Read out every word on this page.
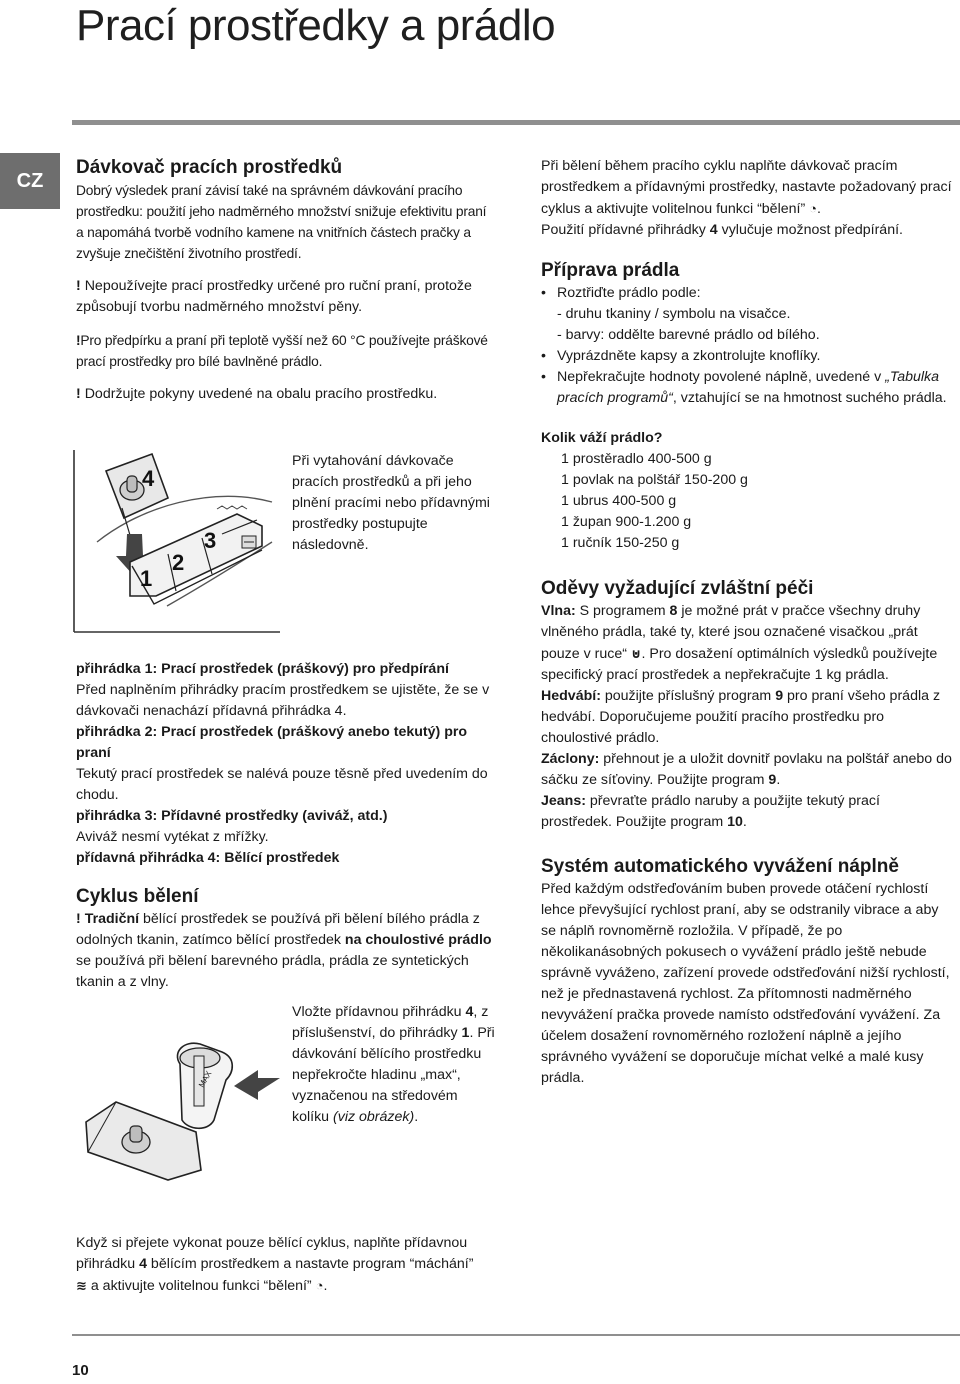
Prací prostředky a prádlo
CZ

Dávkovač pracích prostředků

Dobrý výsledek praní závisí také na správném dávkování pracího prostředku: použití jeho nadměrného množství snižuje efektivitu praní a napomáhá tvorbě vodního kamene na vnitřních částech pračky a zvyšuje znečištění životního prostředí.

! Nepoužívejte prací prostředky určené pro ruční praní, protože způsobují tvorbu nadměrného množství pěny.

!Pro předpírku a praní při teplotě vyšší než 60 °C používejte práškové prací prostředky pro bílé bavlněné prádlo.

! Dodržujte pokyny uvedené na obalu pracího prostředku.

4
1
2
3

Při vytahování dávkovače pracích prostředků a při jeho plnění pracími nebo přídavnými prostředky postupujte následovně.

přihrádka 1: Prací prostředek (práškový) pro předpírání

Před naplněním přihrádky pracím prostředkem se ujistěte, že se v dávkovači nenachází přídavná přihrádka 4.

přihrádka 2: Prací prostředek (práškový anebo tekutý) pro praní

Tekutý prací prostředek se nalévá pouze těsně před uvedením do chodu.

přihrádka 3: Přídavné prostředky (aviváž, atd.)

Aviváž nesmí vytékat z mřížky.

přídavná přihrádka 4: Bělící prostředek

Cyklus bělení

! Tradiční bělící prostředek se používá při bělení bílého prádla z odolných tkanin, zatímco bělící prostředek na choulostivé prádlo se používá při bělení barevného prádla, prádla ze syntetických tkanin a z vlny.

MAX

Vložte přídavnou přihrádku 4, z příslušenství, do přihrádky 1. Při dávkování bělícího prostředku nepřekročte hladinu „max“, vyznačenou na středovém kolíku (viz obrázek).

Když si přejete vykonat pouze bělící cyklus, naplňte přídavnou přihrádku 4 bělícím prostředkem a nastavte program “máchání” ≋ a aktivujte volitelnou funkci “bělení” ◔.

Při bělení během pracího cyklu naplňte dávkovač pracím prostředkem a přídavnými prostředky, nastavte požadovaný prací cyklus a aktivujte volitelnou funkci “bělení” ◔.

Použití přídavné přihrádky 4 vylučuje možnost předpírání.

Příprava prádla

• Roztřiďte prádlo podle:
- druhu tkaniny / symbolu na visačce.
- barvy: oddělte barevné prádlo od bílého.
• Vyprázdněte kapsy a zkontrolujte knoflíky.
• Nepřekračujte hodnoty povolené náplně, uvedené v „Tabulka pracích programů“, vztahující se na hmotnost suchého prádla.

Kolik váží prádlo?

1 prostěradlo 400-500 g

1 povlak na polštář 150-200 g

1 ubrus 400-500 g

1 župan 900-1.200 g

1 ručník 150-250 g

Oděvy vyžadující zvláštní péči

Vlna: S programem 8 je možné prát v pračce všechny druhy vlněného prádla, také ty, které jsou označené visačkou „prát pouze v ruce“ ⊍. Pro dosažení optimálních výsledků používejte specifický prací prostředek a nepřekračujte 1 kg prádla.

Hedvábí: použijte příslušný program 9 pro praní všeho prádla z hedvábí. Doporučujeme použití pracího prostředku pro choulostivé prádlo.

Záclony: přehnout je a uložit dovnitř povlaku na polštář anebo do sáčku ze síťoviny. Použijte program 9.

Jeans: převraťte prádlo naruby a použijte tekutý prací prostředek. Použijte program 10.

Systém automatického vyvážení náplně

Před každým odstřeďováním buben provede otáčení rychlostí lehce převyšující rychlost praní, aby se odstranily vibrace a aby se náplň rovnoměrně rozložila. V případě, že po několikanásobných pokusech o vyvážení prádlo ještě nebude správně vyváženo, zařízení provede odstřeďování nižší rychlostí, než je přednastavená rychlost. Za přítomnosti nadměrného nevyvážení pračka provede namísto odstřeďování vyvážení. Za účelem dosažení rovnoměrného rozložení náplně a jejího správného vyvážení se doporučuje míchat velké a malé kusy prádla.

10
